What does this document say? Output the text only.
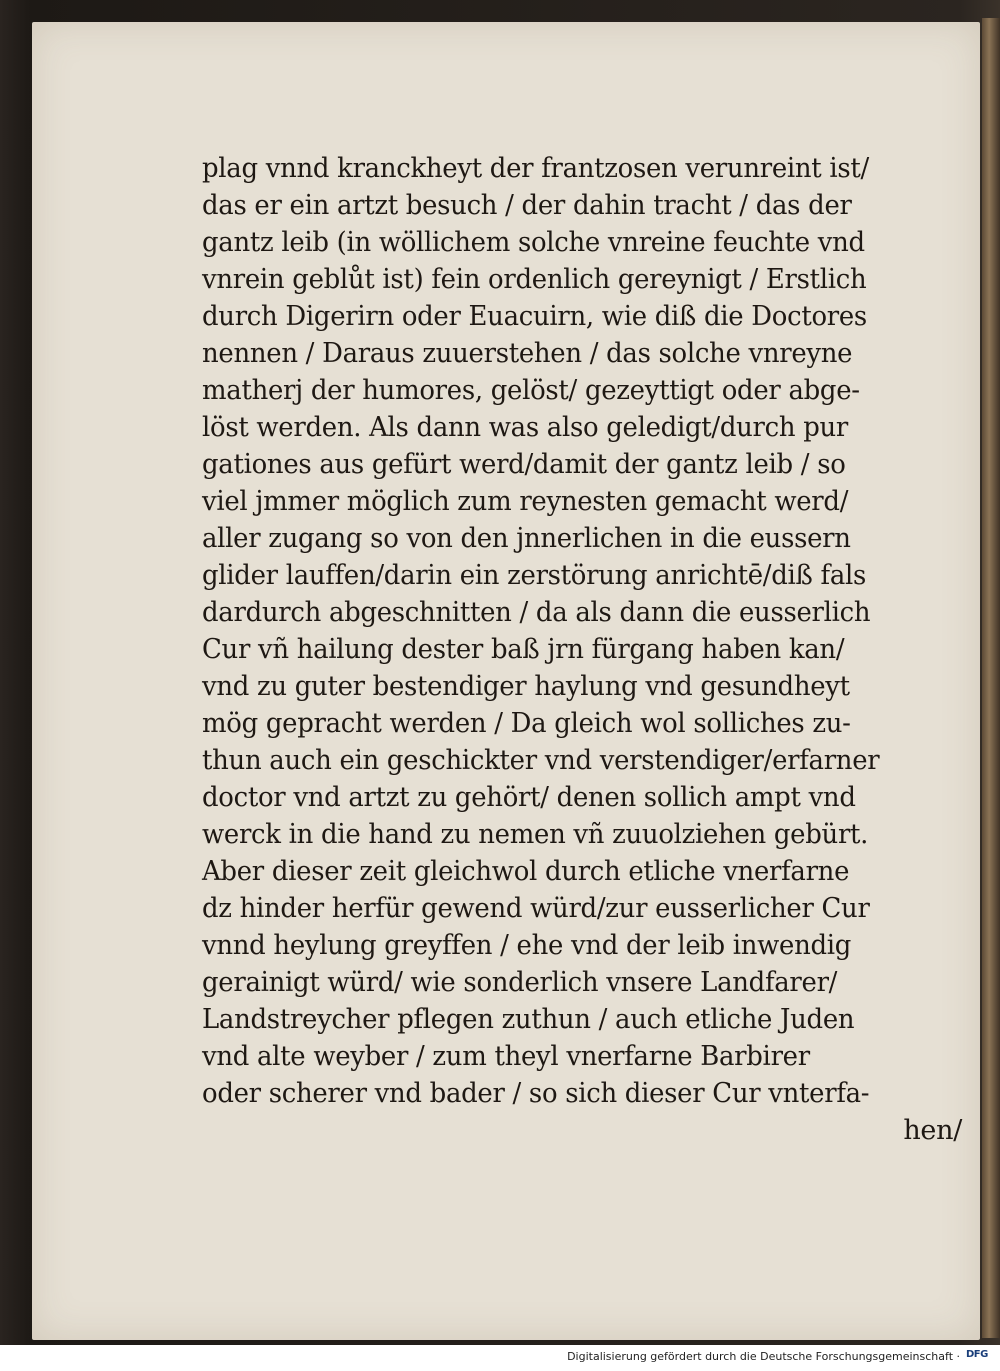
plag vnnd kranckheyt der frantzosen verunreint ist/
das er ein artzt besuch / der dahin tracht / das der
gantz leib (in wöllichem solche vnreine feuchte vnd
vnrein geblůt ist) fein ordenlich gereynigt / Erstlich
durch Digerirn oder Euacuirn, wie diß die Doctores
nennen / Daraus zuuerstehen / das solche vnreyne
matherj der humores, gelöst/ gezeyttigt oder abge-
löst werden. Als dann was also geledigt/durch pur
gationes aus gefürt werd/damit der gantz leib / so
viel jmmer möglich zum reynesten gemacht werd/
aller zugang so von den jnnerlichen in die eussern
glider lauffen/darin ein zerstörung anrichtē/diß fals
dardurch abgeschnitten / da als dann die eusserlich
Cur vñ hailung dester baß jrn fürgang haben kan/
vnd zu guter bestendiger haylung vnd gesundheyt
mög gepracht werden / Da gleich wol solliches zu-
thun auch ein geschickter vnd verstendiger/erfarner
doctor vnd artzt zu gehört/ denen sollich ampt vnd
werck in die hand zu nemen vñ zuuolziehen gebürt.
Aber dieser zeit gleichwol durch etliche vnerfarne
dz hinder herfür gewend würd/zur eusserlicher Cur
vnnd heylung greyffen / ehe vnd der leib inwendig
gerainigt würd/ wie sonderlich vnsere Landfarer/
Landstreycher pflegen zuthun / auch etliche Juden
vnd alte weyber / zum theyl vnerfarne Barbirer
oder scherer vnd bader / so sich dieser Cur vnterfa-
hen/
Digitalisierung gefördert durch die Deutsche Forschungsgemeinschaft · DFG
